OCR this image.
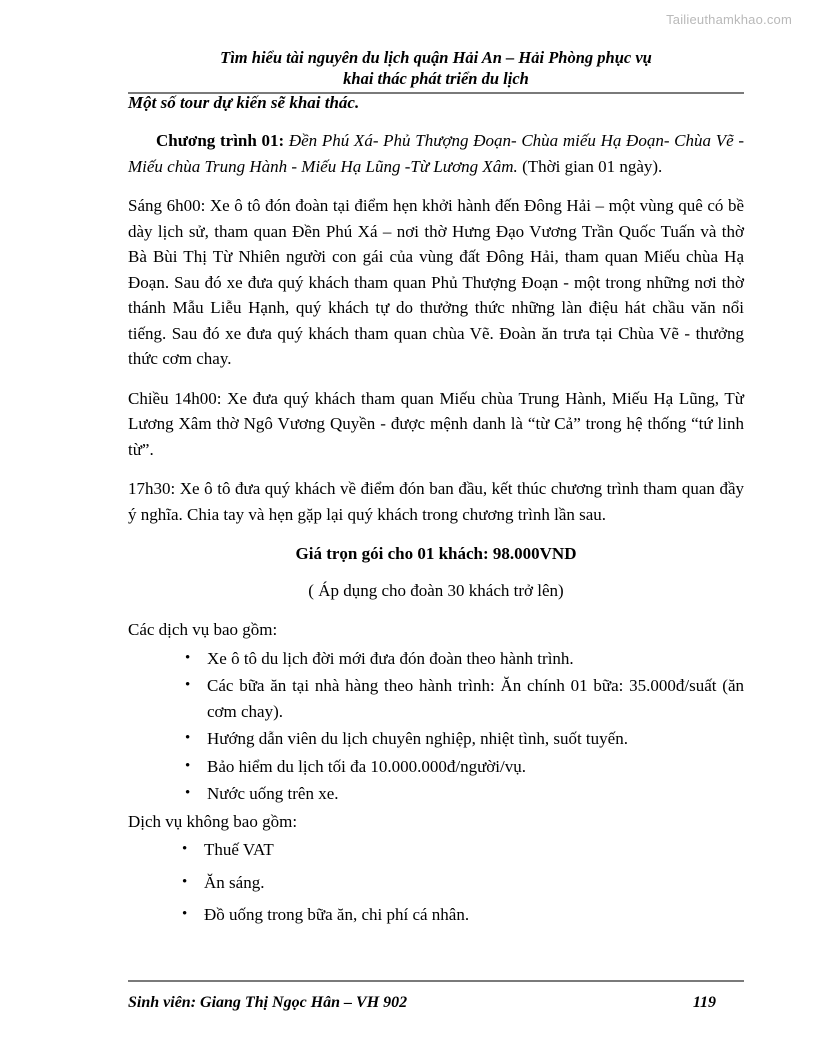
Tailieuthamkhao.com
Tìm hiểu tài nguyên du lịch quận Hải An – Hải Phòng phục vụ
khai thác phát triển du lịch
Một số tour dự kiến sẽ khai thác.

Chương trình 01: Đền Phú Xá- Phủ Thượng Đoạn- Chùa miếu Hạ Đoạn- Chùa Vẽ - Miếu chùa Trung Hành - Miếu Hạ Lũng -Từ Lương Xâm. (Thời gian 01 ngày).

Sáng 6h00: Xe ô tô đón đoàn tại điểm hẹn khởi hành đến Đông Hải – một vùng quê có bề dày lịch sử, tham quan Đền Phú Xá – nơi thờ Hưng Đạo Vương Trần Quốc Tuấn và thờ Bà Bùi Thị Từ Nhiên người con gái của vùng đất Đông Hải, tham quan Miếu chùa Hạ Đoạn. Sau đó xe đưa quý khách tham quan Phủ Thượng Đoạn - một trong những nơi thờ thánh Mẫu Liễu Hạnh, quý khách tự do thưởng thức những làn điệu hát chầu văn nổi tiếng. Sau đó xe đưa quý khách tham quan chùa Vẽ. Đoàn ăn trưa tại Chùa Vẽ - thưởng thức cơm chay.

Chiều 14h00: Xe đưa quý khách tham quan Miếu chùa Trung Hành, Miếu Hạ Lũng, Từ Lương Xâm thờ Ngô Vương Quyền - được mệnh danh là “từ Cả” trong hệ thống “tứ linh từ”.

17h30: Xe ô tô đưa quý khách về điểm đón ban đầu, kết thúc chương trình tham quan đầy ý nghĩa. Chia tay và hẹn gặp lại quý khách trong chương trình lần sau.

Giá trọn gói cho 01 khách: 98.000VND
( Áp dụng cho đoàn 30 khách trở lên)
Các dịch vụ bao gồm:
• Xe ô tô du lịch đời mới đưa đón đoàn theo hành trình.
• Các bữa ăn tại nhà hàng theo hành trình: Ăn chính 01 bữa: 35.000đ/suất (ăn cơm chay).
• Hướng dẫn viên du lịch chuyên nghiệp, nhiệt tình, suốt tuyến.
• Bảo hiểm du lịch tối đa 10.000.000đ/người/vụ.
• Nước uống trên xe.
Dịch vụ không bao gồm:
• Thuế VAT
• Ăn sáng.
• Đồ uống trong bữa ăn, chi phí cá nhân.
Sinh viên: Giang Thị Ngọc Hân – VH 902	119
